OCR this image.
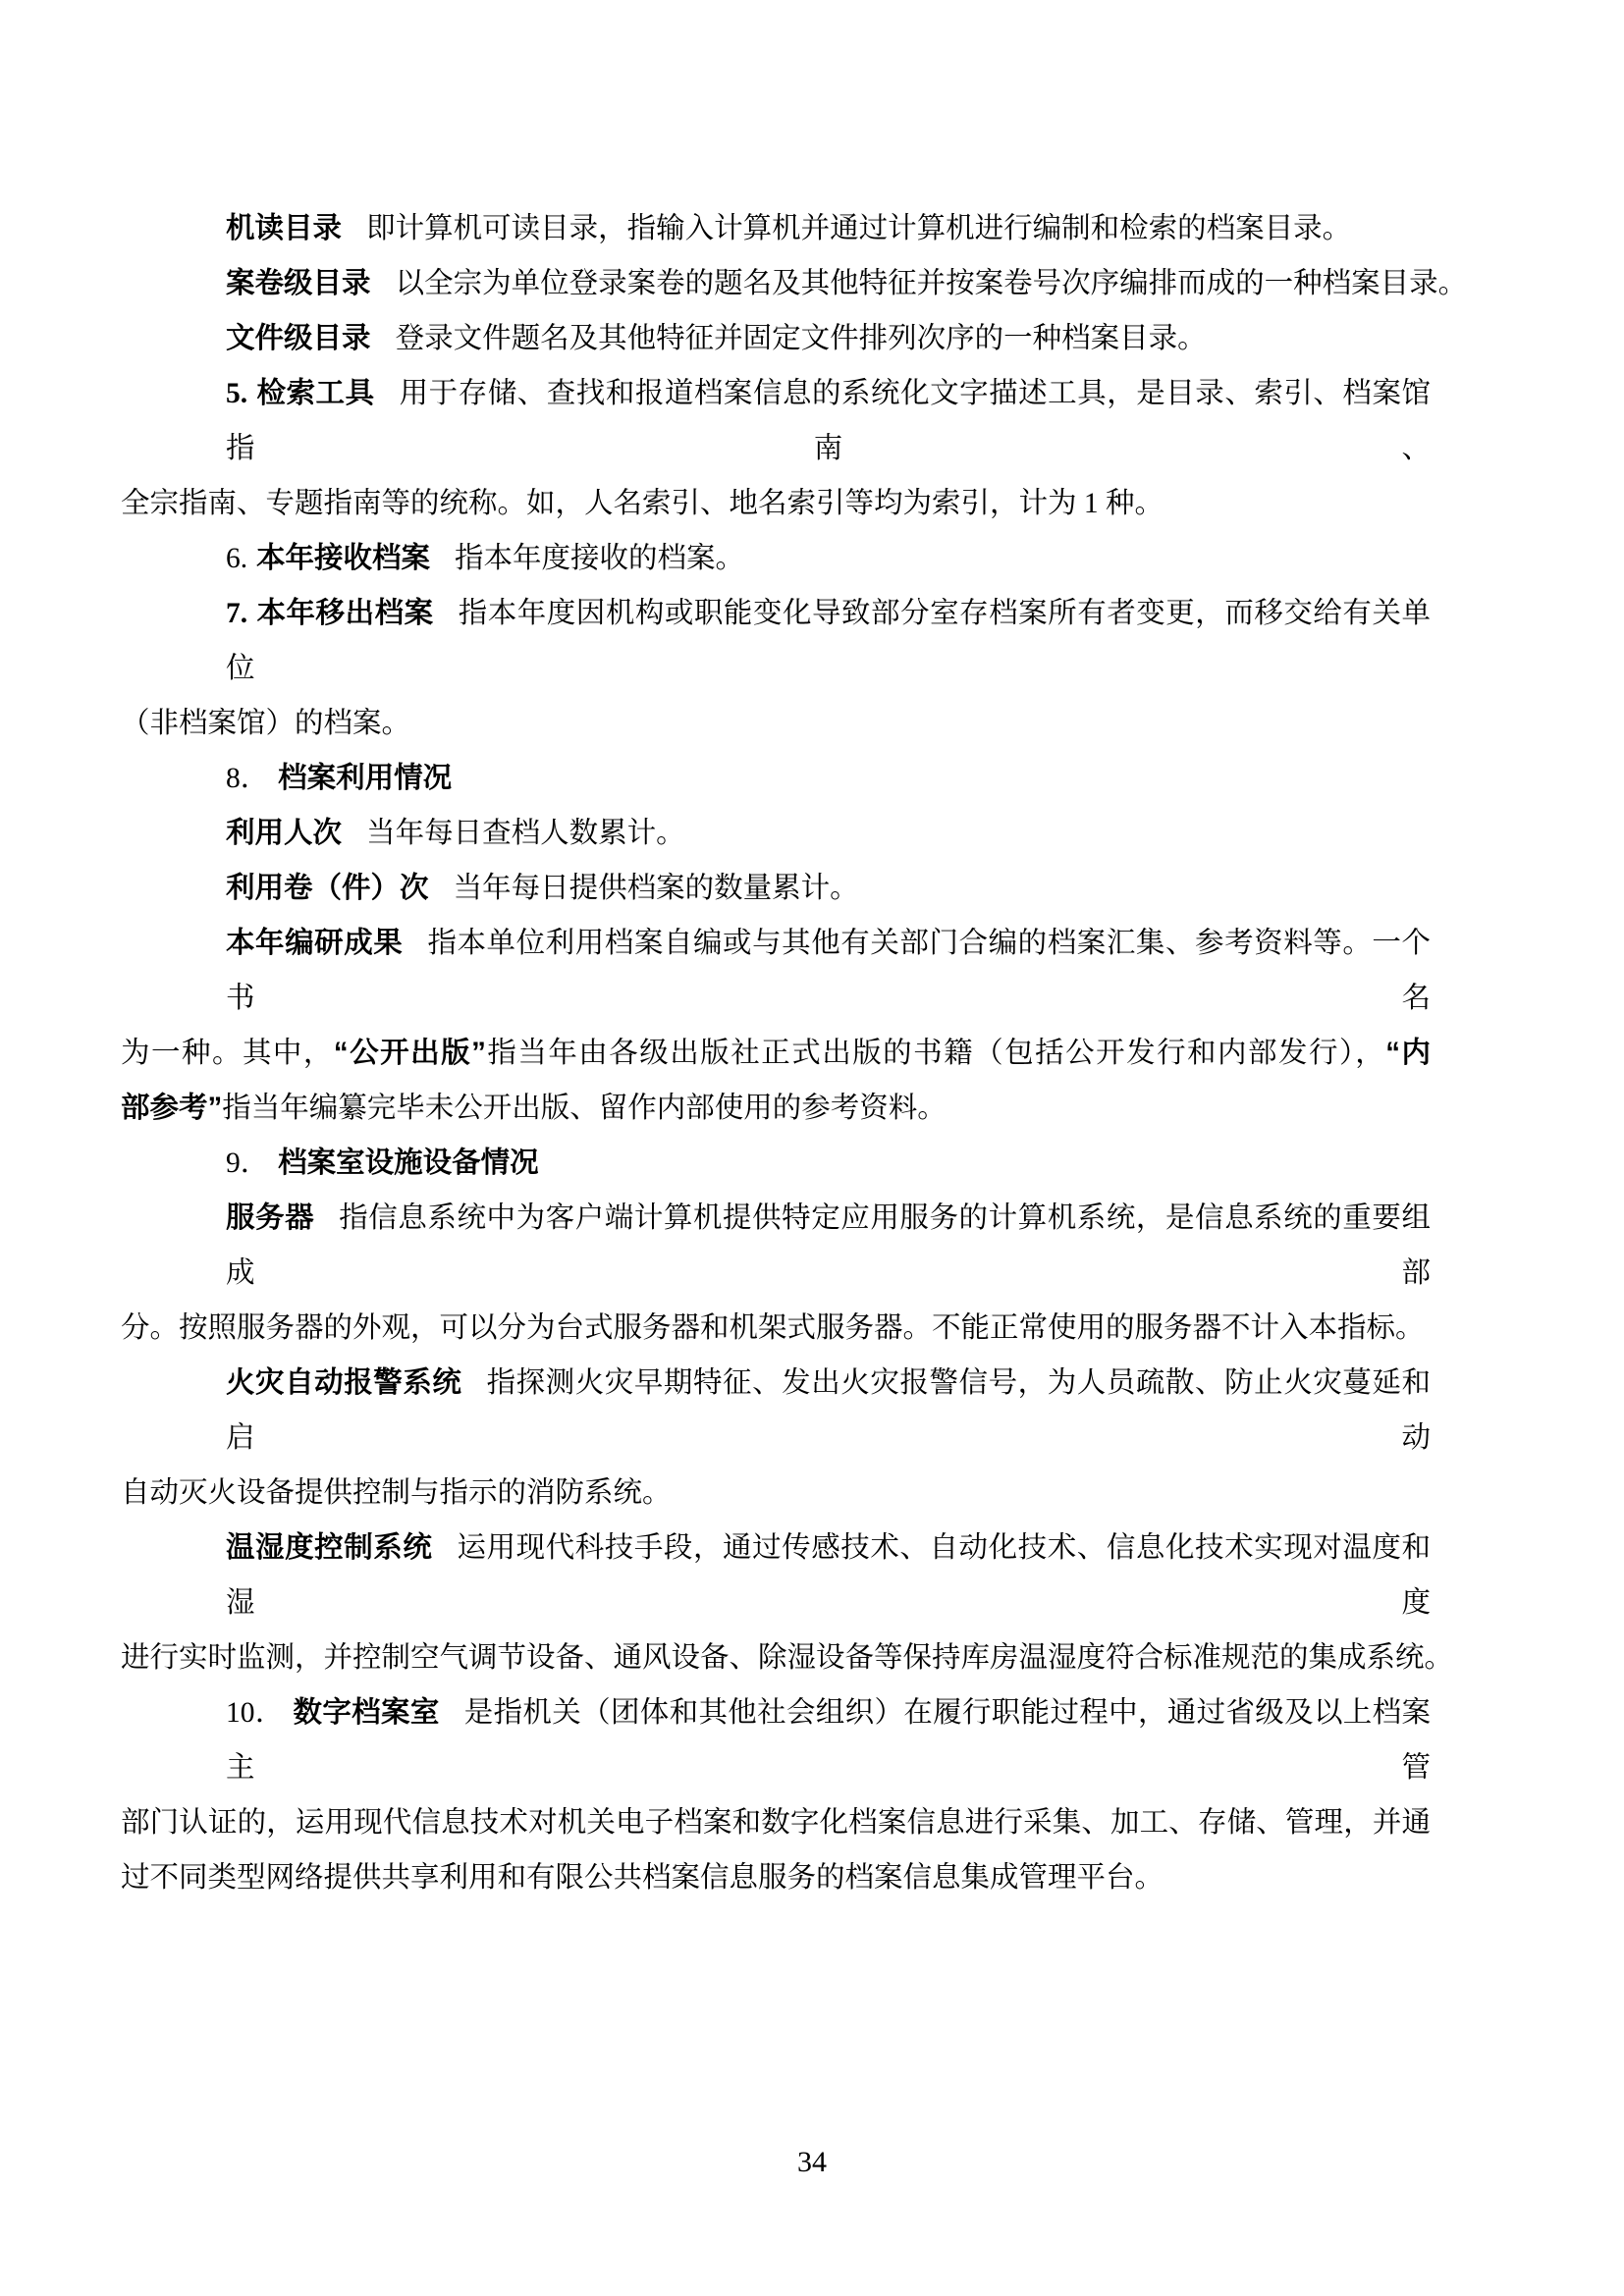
机读目录 即计算机可读目录，指输入计算机并通过计算机进行编制和检索的档案目录。
案卷级目录 以全宗为单位登录案卷的题名及其他特征并按案卷号次序编排而成的一种档案目录。
文件级目录 登录文件题名及其他特征并固定文件排列次序的一种档案目录。
5. 检索工具 用于存储、查找和报道档案信息的系统化文字描述工具，是目录、索引、档案馆指南、
全宗指南、专题指南等的统称。如，人名索引、地名索引等均为索引，计为 1 种。
6. 本年接收档案 指本年度接收的档案。
7. 本年移出档案 指本年度因机构或职能变化导致部分室存档案所有者变更，而移交给有关单位
（非档案馆）的档案。
8． 档案利用情况
利用人次 当年每日查档人数累计。
利用卷（件）次 当年每日提供档案的数量累计。
本年编研成果 指本单位利用档案自编或与其他有关部门合编的档案汇集、参考资料等。一个书名
为一种。其中，“公开出版”指当年由各级出版社正式出版的书籍（包括公开发行和内部发行），“内
部参考”指当年编纂完毕未公开出版、留作内部使用的参考资料。
9． 档案室设施设备情况
服务器 指信息系统中为客户端计算机提供特定应用服务的计算机系统，是信息系统的重要组成部
分。按照服务器的外观，可以分为台式服务器和机架式服务器。不能正常使用的服务器不计入本指标。
火灾自动报警系统 指探测火灾早期特征、发出火灾报警信号，为人员疏散、防止火灾蔓延和启动
自动灭火设备提供控制与指示的消防系统。
温湿度控制系统 运用现代科技手段，通过传感技术、自动化技术、信息化技术实现对温度和湿度
进行实时监测，并控制空气调节设备、通风设备、除湿设备等保持库房温湿度符合标准规范的集成系统。
10． 数字档案室 是指机关（团体和其他社会组织）在履行职能过程中，通过省级及以上档案主管
部门认证的，运用现代信息技术对机关电子档案和数字化档案信息进行采集、加工、存储、管理，并通
过不同类型网络提供共享利用和有限公共档案信息服务的档案信息集成管理平台。
34
